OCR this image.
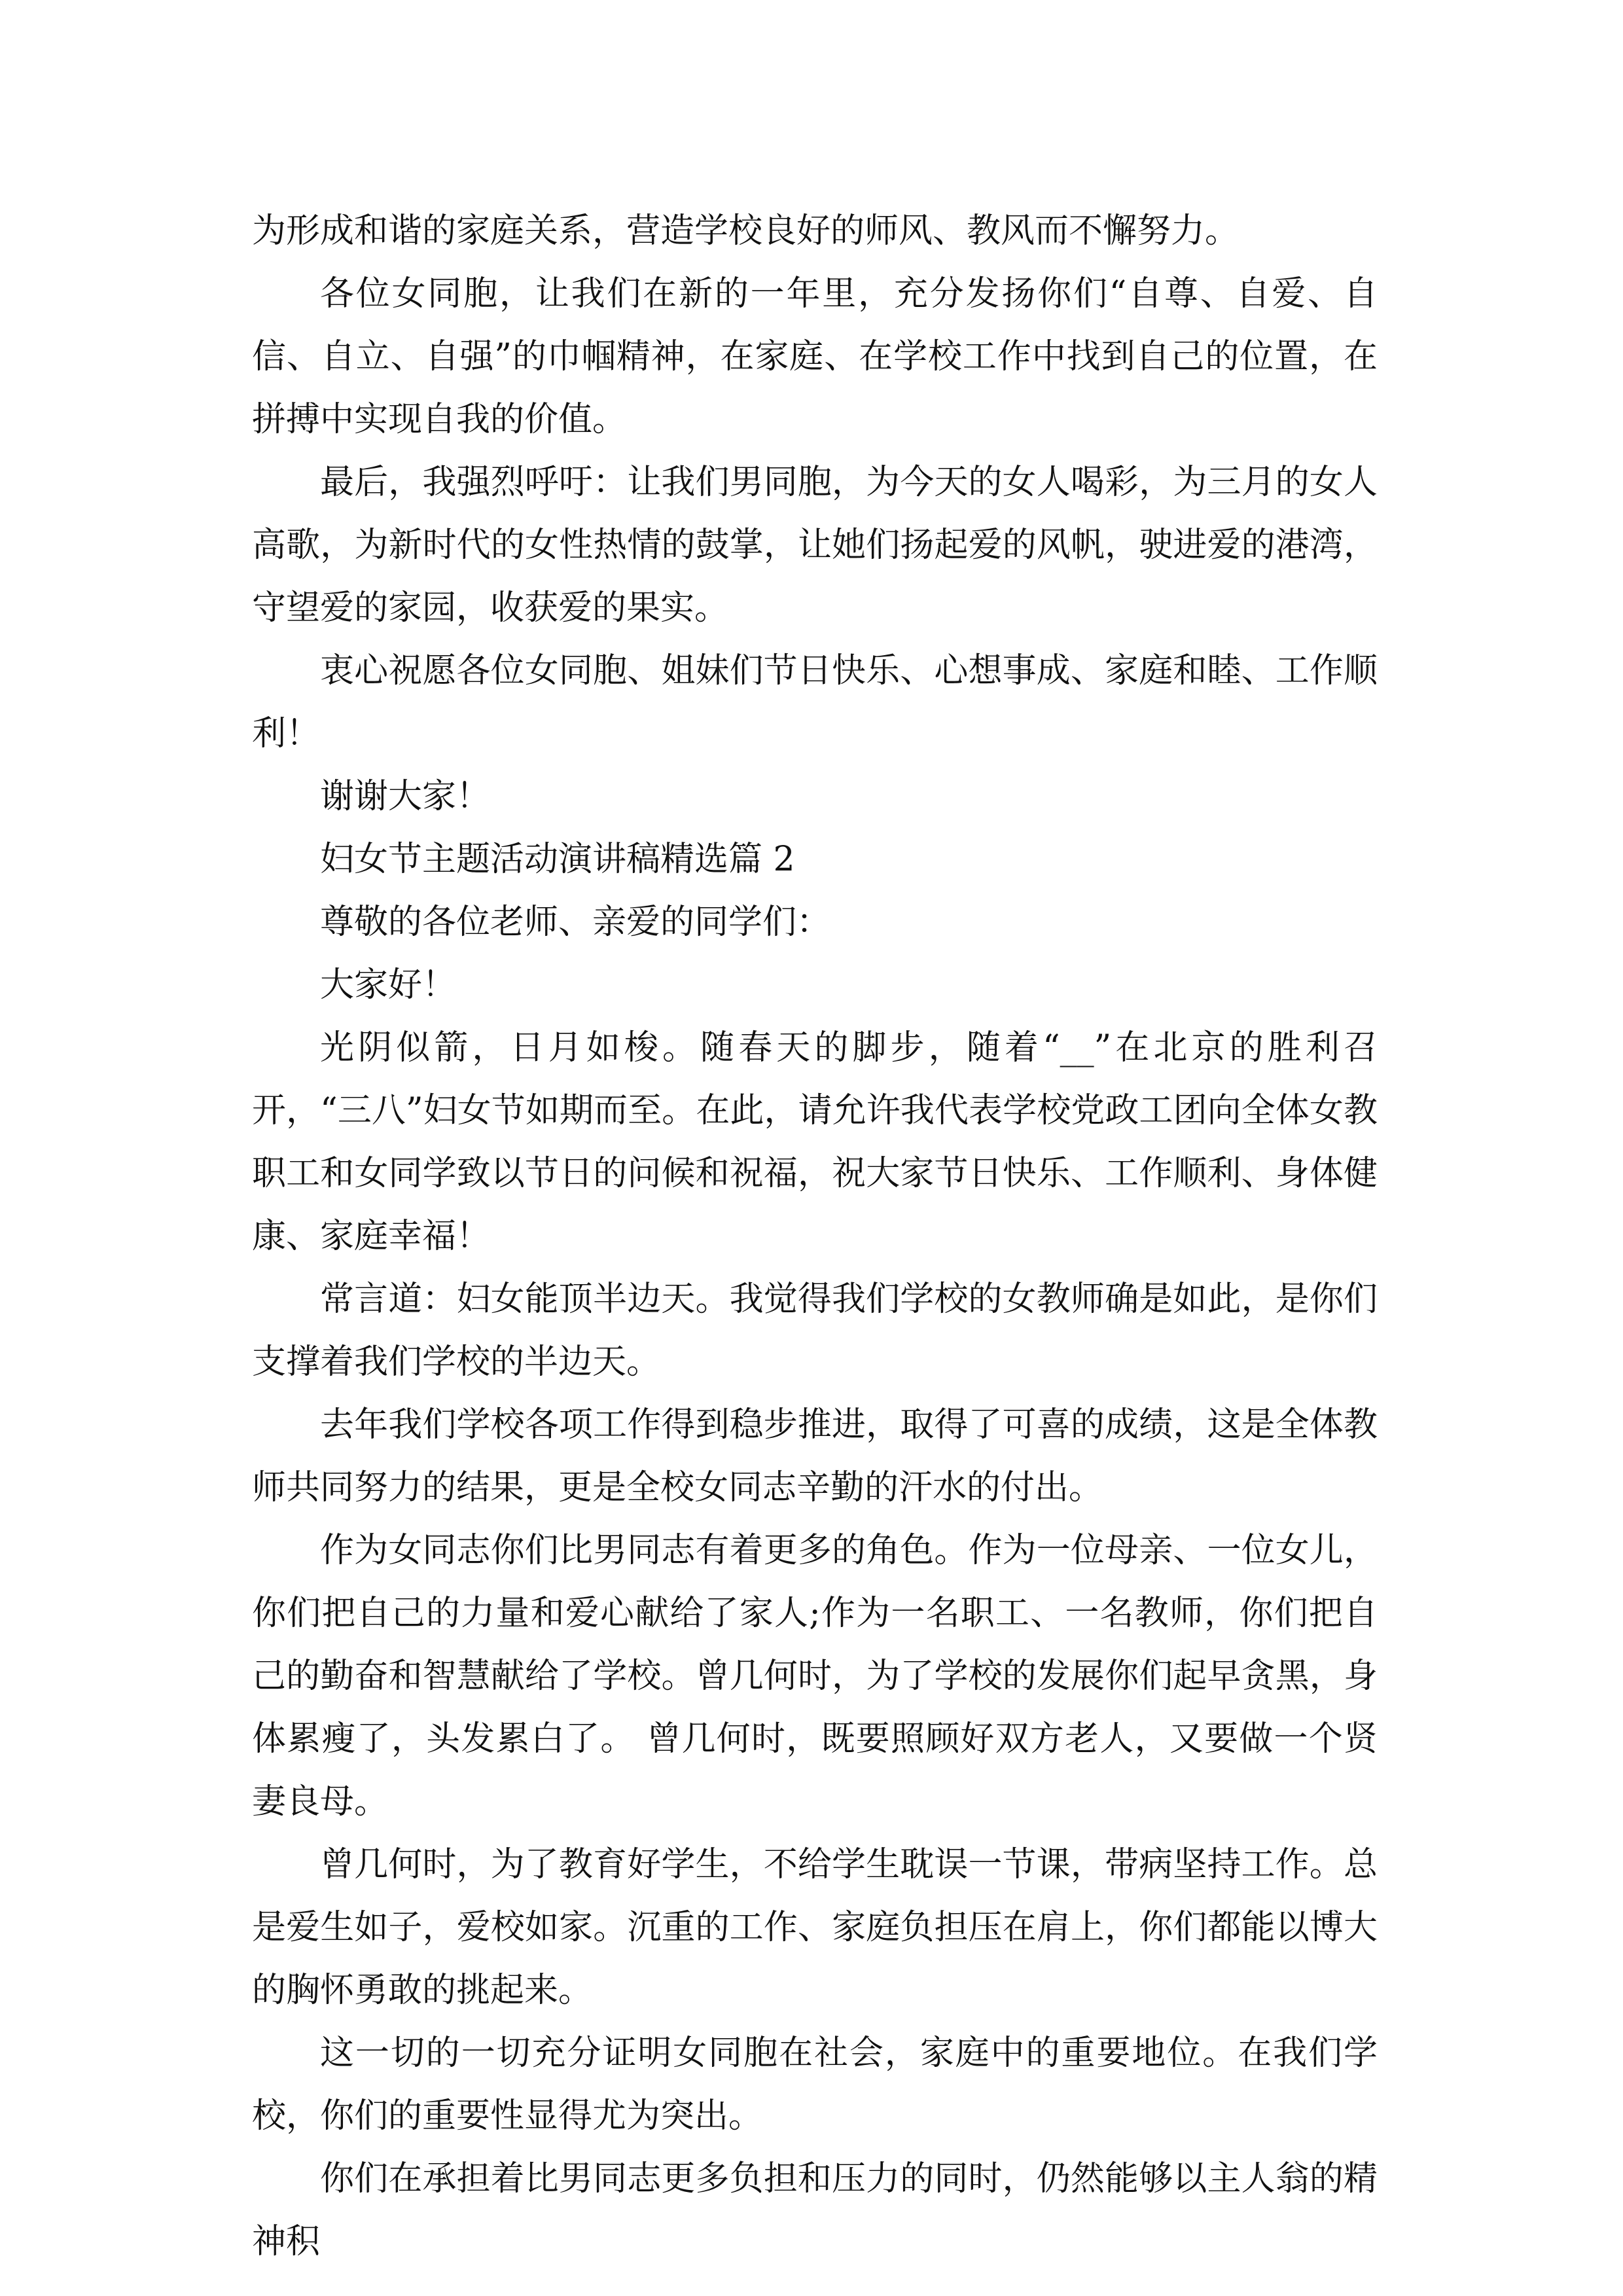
为形成和谐的家庭关系，营造学校良好的师风、教风而不懈努力。

各位女同胞，让我们在新的一年里，充分发扬你们“自尊、自爱、自信、自立、自强”的巾帼精神，在家庭、在学校工作中找到自己的位置，在拼搏中实现自我的价值。

最后，我强烈呼吁：让我们男同胞，为今天的女人喝彩，为三月的女人高歌，为新时代的女性热情的鼓掌，让她们扬起爱的风帆，驶进爱的港湾，守望爱的家园，收获爱的果实。

衷心祝愿各位女同胞、姐妹们节日快乐、心想事成、家庭和睦、工作顺利！

谢谢大家！

妇女节主题活动演讲稿精选篇 2

尊敬的各位老师、亲爱的同学们：

大家好！

光阴似箭，日月如梭。随春天的脚步，随着“__”在北京的胜利召开，“三八”妇女节如期而至。在此，请允许我代表学校党政工团向全体女教职工和女同学致以节日的问候和祝福，祝大家节日快乐、工作顺利、身体健康、家庭幸福！

常言道：妇女能顶半边天。我觉得我们学校的女教师确是如此，是你们支撑着我们学校的半边天。

去年我们学校各项工作得到稳步推进，取得了可喜的成绩，这是全体教师共同努力的结果，更是全校女同志辛勤的汗水的付出。

作为女同志你们比男同志有着更多的角色。作为一位母亲、一位女儿，你们把自己的力量和爱心献给了家人;作为一名职工、一名教师，你们把自己的勤奋和智慧献给了学校。曾几何时，为了学校的发展你们起早贪黑，身体累瘦了，头发累白了。 曾几何时，既要照顾好双方老人，又要做一个贤妻良母。

曾几何时，为了教育好学生，不给学生耽误一节课，带病坚持工作。总是爱生如子，爱校如家。沉重的工作、家庭负担压在肩上，你们都能以博大的胸怀勇敢的挑起来。

这一切的一切充分证明女同胞在社会，家庭中的重要地位。在我们学校，你们的重要性显得尤为突出。

你们在承担着比男同志更多负担和压力的同时，仍然能够以主人翁的精神积
